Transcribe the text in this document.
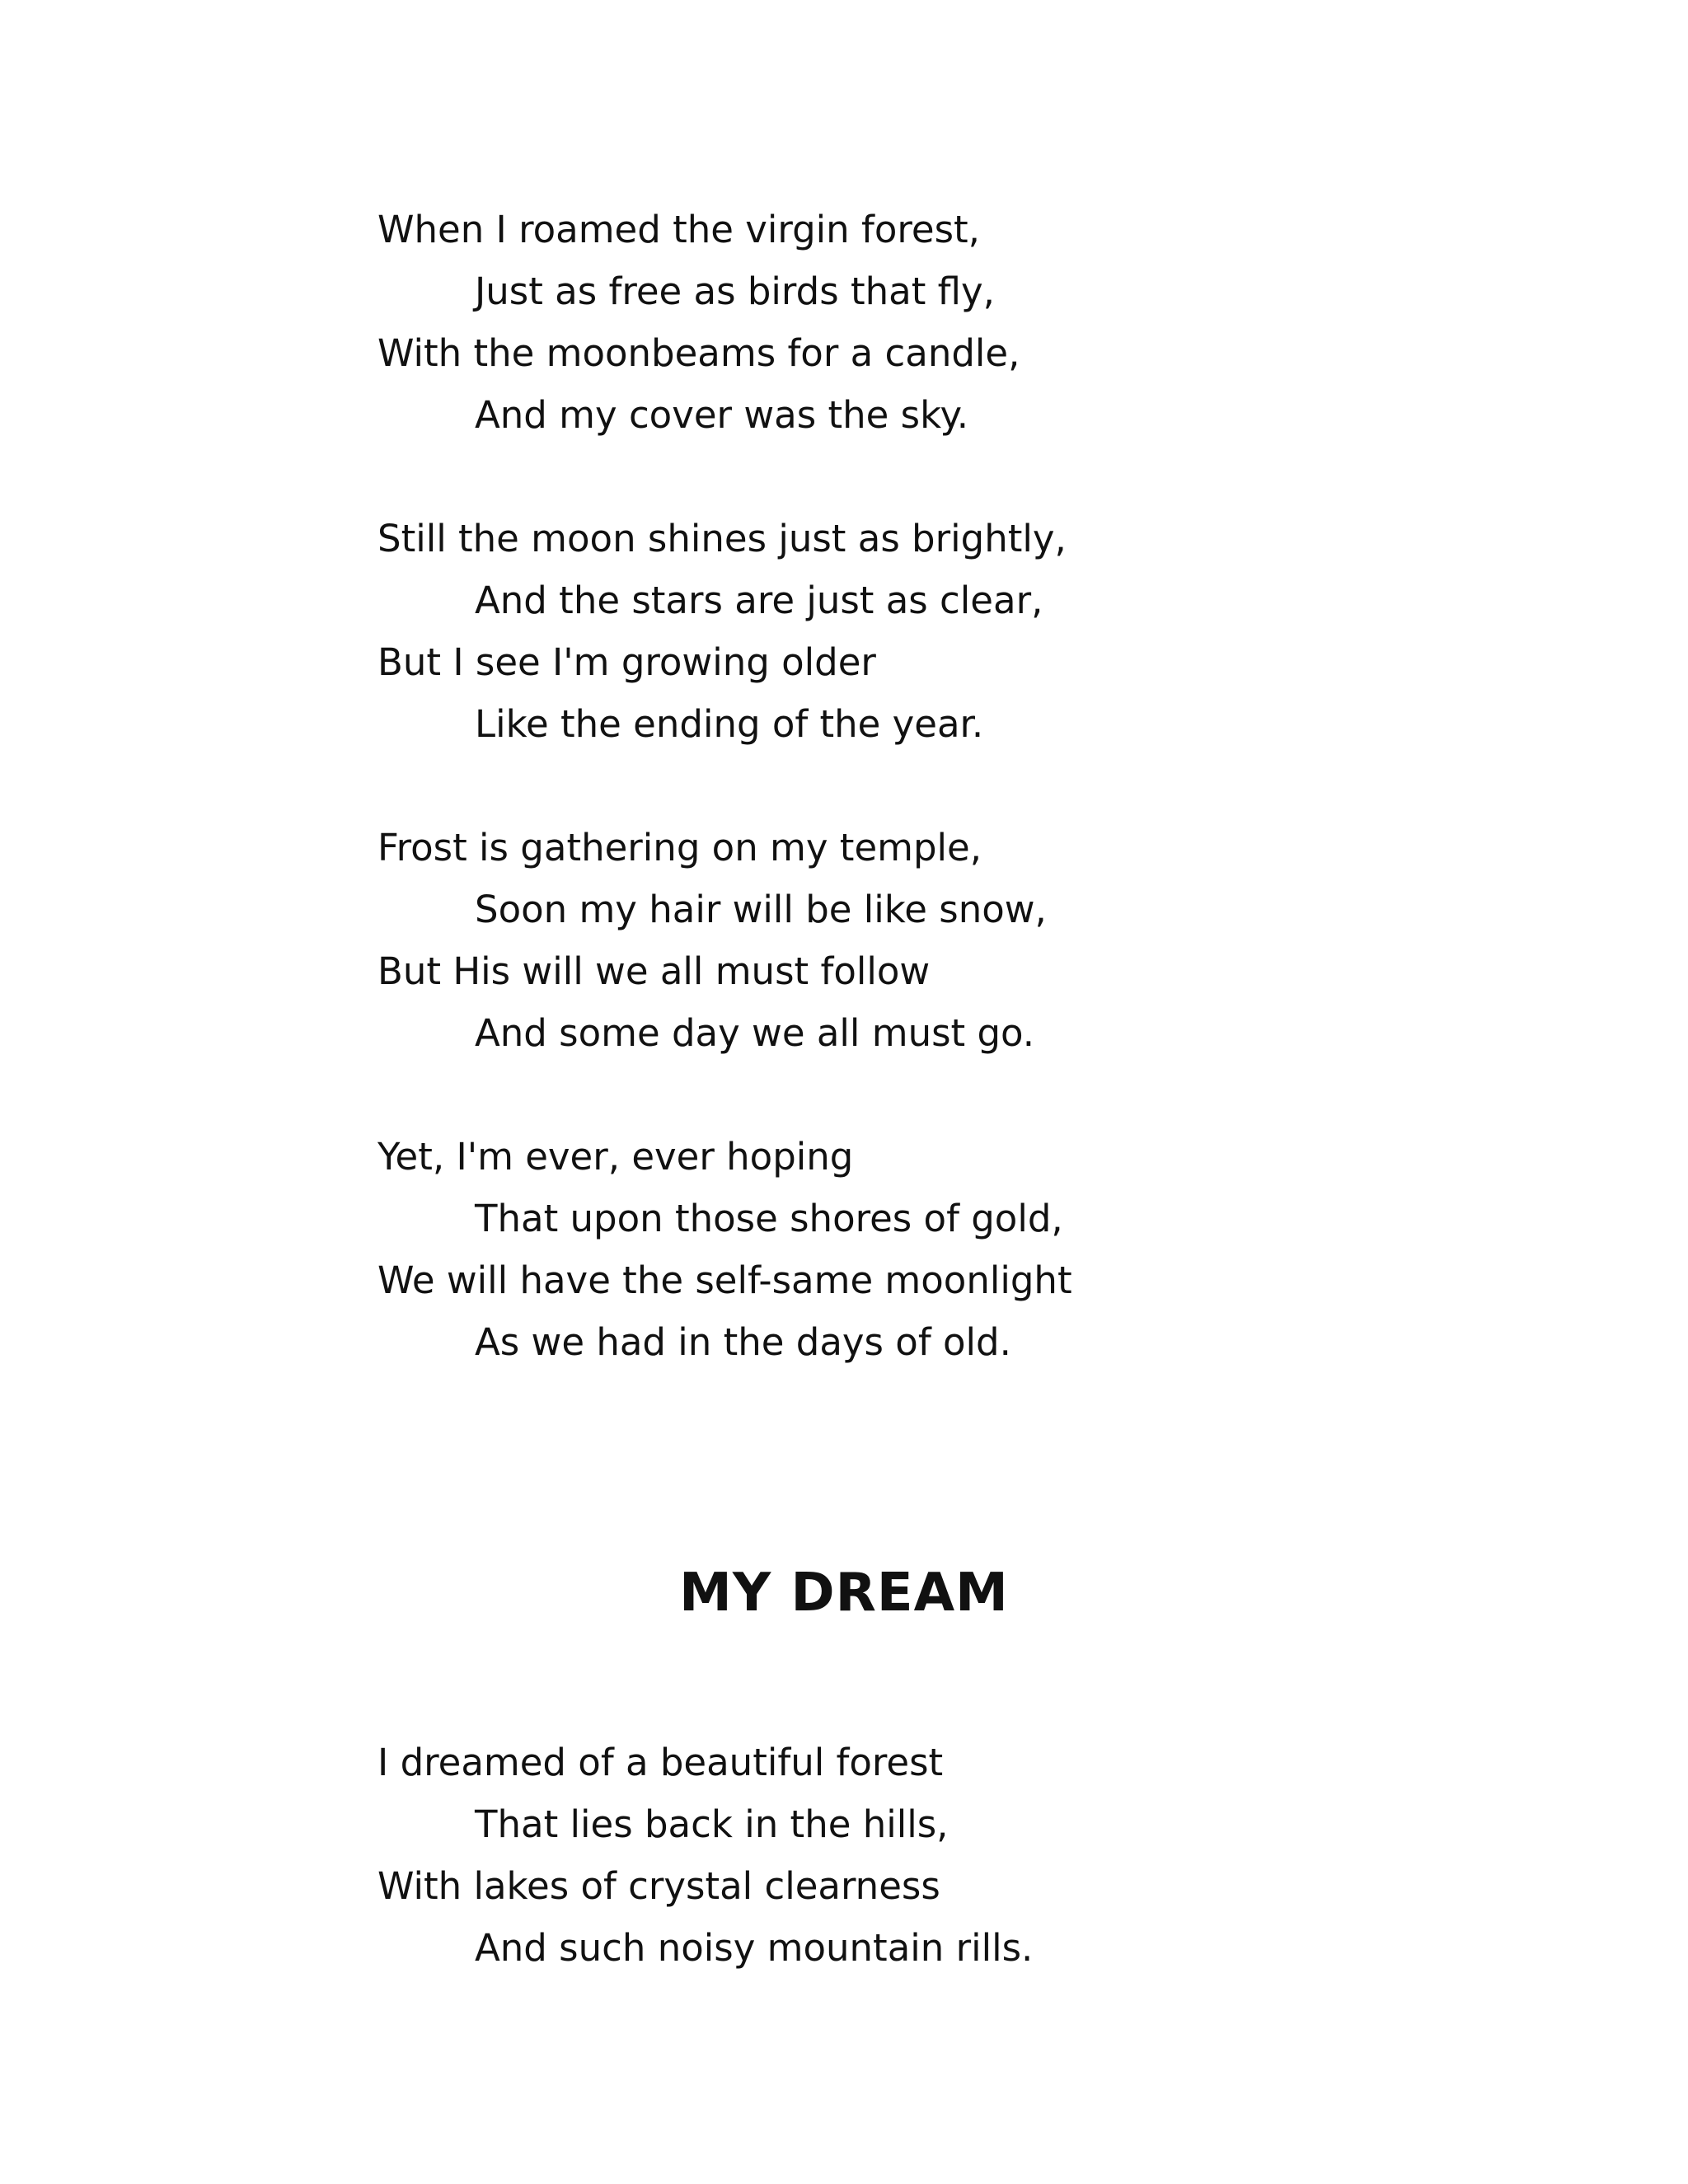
When I roamed the virgin forest,
Just as free as birds that fly,
With the moonbeams for a candle,
And my cover was the sky.
Still the moon shines just as brightly,
And the stars are just as clear,
But I see I'm growing older
Like the ending of the year.
Frost is gathering on my temple,
Soon my hair will be like snow,
But His will we all must follow
And some day we all must go.
Yet, I'm ever, ever hoping
That upon those shores of gold,
We will have the self-same moonlight
As we had in the days of old.
MY DREAM
I dreamed of a beautiful forest
That lies back in the hills,
With lakes of crystal clearness
And such noisy mountain rills.
